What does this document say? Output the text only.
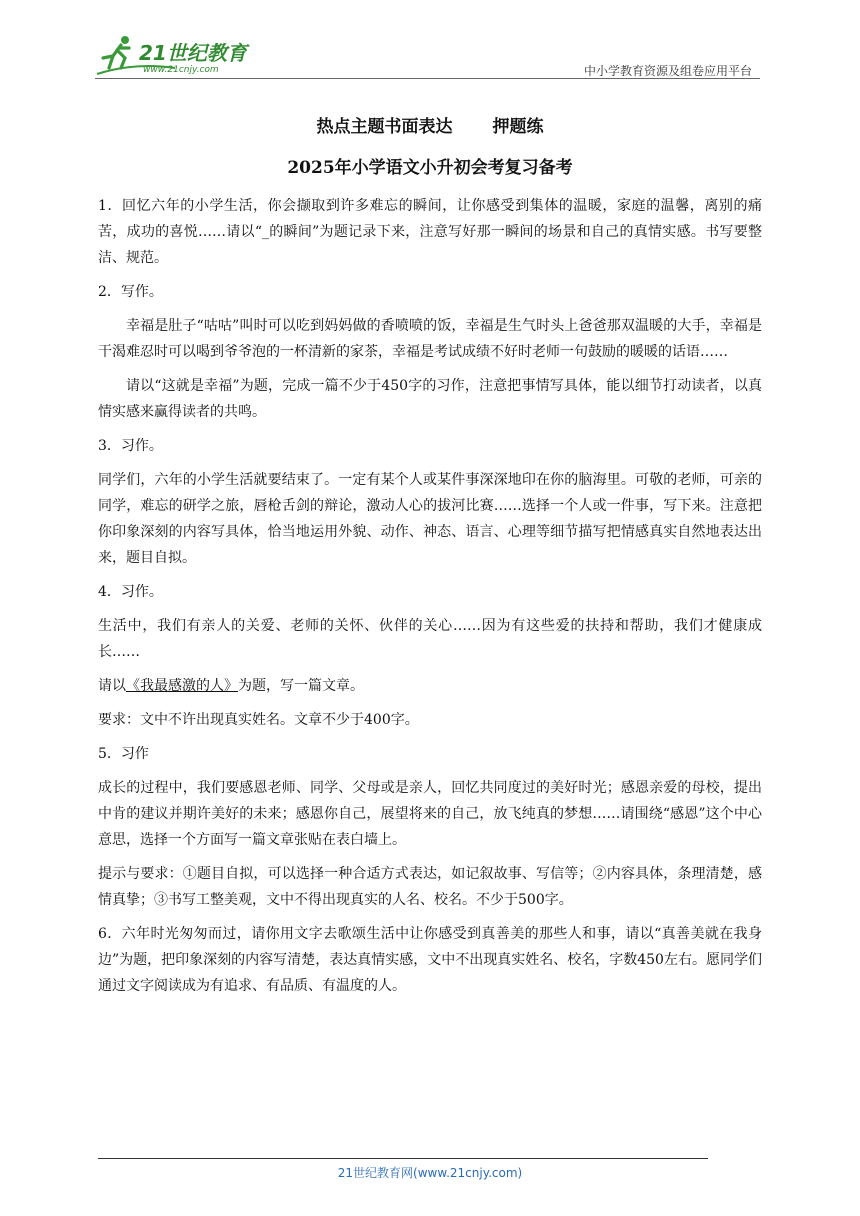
21世纪教育
www.21cnjy.com	中小学教育资源及组卷应用平台
热点主题书面表达 押题练
2025年小学语文小升初会考复习备考

1．回忆六年的小学生活，你会撷取到许多难忘的瞬间，让你感受到集体的温暖，家庭的温馨，离别的痛苦，成功的喜悦……请以“_的瞬间”为题记录下来，注意写好那一瞬间的场景和自己的真情实感。书写要整洁、规范。

2．写作。

幸福是肚子“咕咕”叫时可以吃到妈妈做的香喷喷的饭，幸福是生气时头上爸爸那双温暖的大手，幸福是干渴难忍时可以喝到爷爷泡的一杯清新的家茶，幸福是考试成绩不好时老师一句鼓励的暖暖的话语……

请以“这就是幸福”为题，完成一篇不少于450字的习作，注意把事情写具体，能以细节打动读者，以真情实感来赢得读者的共鸣。

3．习作。

同学们，六年的小学生活就要结束了。一定有某个人或某件事深深地印在你的脑海里。可敬的老师，可亲的同学，难忘的研学之旅，唇枪舌剑的辩论，激动人心的拔河比赛……选择一个人或一件事，写下来。注意把你印象深刻的内容写具体，恰当地运用外貌、动作、神态、语言、心理等细节描写把情感真实自然地表达出来，题目自拟。

4．习作。

生活中，我们有亲人的关爱、老师的关怀、伙伴的关心……因为有这些爱的扶持和帮助，我们才健康成长……

请以《我最感激的人》为题，写一篇文章。

要求：文中不许出现真实姓名。文章不少于400字。

5．习作

成长的过程中，我们要感恩老师、同学、父母或是亲人，回忆共同度过的美好时光；感恩亲爱的母校，提出中肯的建议并期许美好的未来；感恩你自己，展望将来的自己，放飞纯真的梦想……请围绕“感恩”这个中心意思，选择一个方面写一篇文章张贴在表白墙上。

提示与要求：①题目自拟，可以选择一种合适方式表达，如记叙故事、写信等；②内容具体，条理清楚，感情真挚；③书写工整美观，文中不得出现真实的人名、校名。不少于500字。

6．六年时光匆匆而过，请你用文字去歌颂生活中让你感受到真善美的那些人和事，请以“真善美就在我身边”为题，把印象深刻的内容写清楚，表达真情实感，文中不出现真实姓名、校名，字数450左右。愿同学们通过文字阅读成为有追求、有品质、有温度的人。

21世纪教育网(www.21cnjy.com)
